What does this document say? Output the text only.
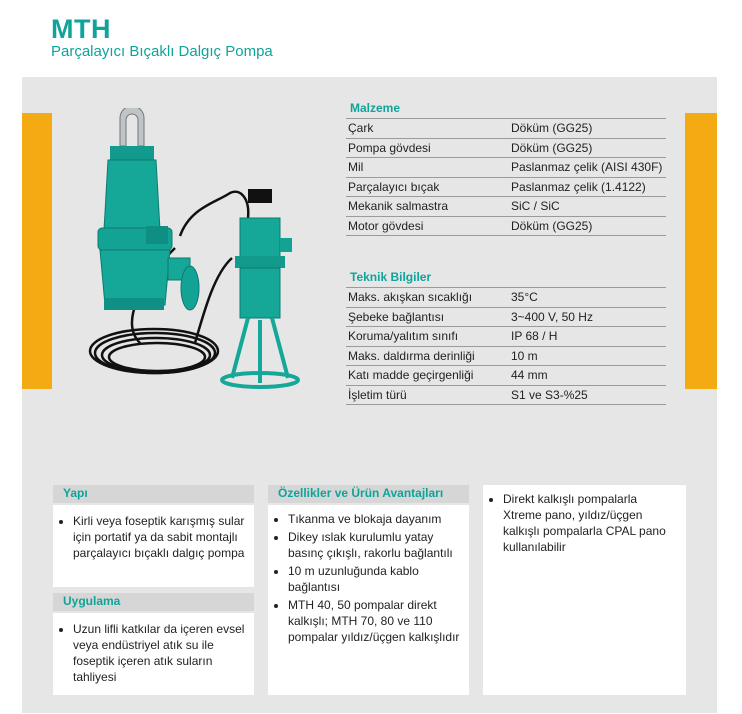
MTH
Parçalayıcı Bıçaklı Dalgıç Pompa
Malzeme
Çark	Döküm (GG25)
Pompa gövdesi	Döküm (GG25)
Mil	Paslanmaz çelik (AISI 430F)
Parçalayıcı bıçak	Paslanmaz çelik (1.4122)
Mekanik salmastra	SiC / SiC
Motor gövdesi	Döküm (GG25)
Teknik Bilgiler
Maks. akışkan sıcaklığı	35°C
Şebeke bağlantısı	3~400 V, 50 Hz
Koruma/yalıtım sınıfı	IP 68 / H
Maks. daldırma derinliği	10 m
Katı madde geçirgenliği	44 mm
İşletim türü	S1 ve S3-%25
Yapı
• Kirli veya foseptik karışmış sular için portatif ya da sabit montajlı parçalayıcı bıçaklı dalgıç pompa
Uygulama
• Uzun lifli katkılar da içeren evsel veya endüstriyel atık su ile foseptik içeren atık suların tahliyesi
Özellikler ve Ürün Avantajları
• Tıkanma ve blokaja dayanım
• Dikey ıslak kurulumlu yatay basınç çıkışlı, rakorlu bağlantılı
• 10 m uzunluğunda kablo bağlantısı
• MTH 40, 50 pompalar direkt kalkışlı; MTH 70, 80 ve 110 pompalar yıldız/üçgen kalkışlıdır
• Direkt kalkışlı pompalarla Xtreme pano, yıldız/üçgen kalkışlı pompalarla CPAL pano kullanılabilir
